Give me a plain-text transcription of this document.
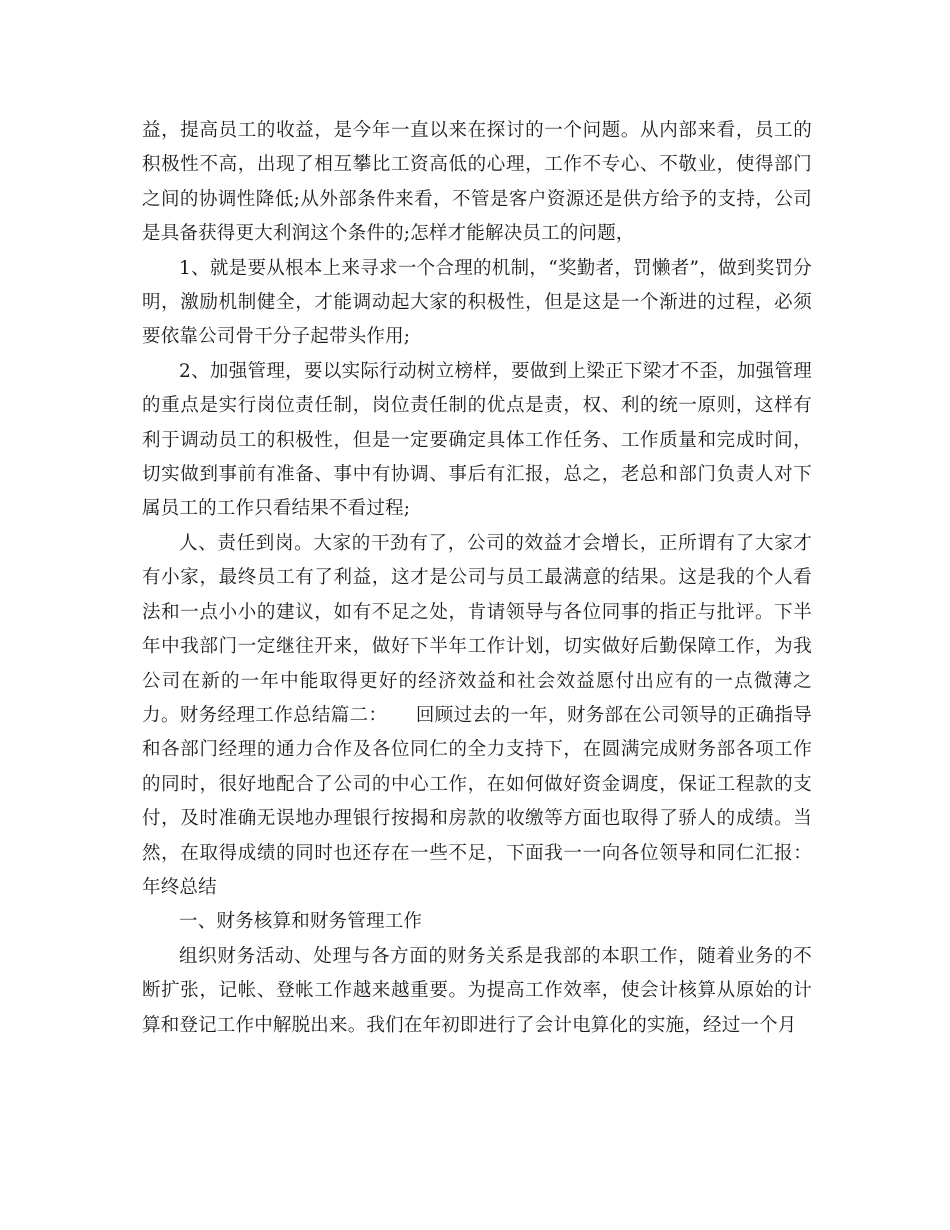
益，提高员工的收益，是今年一直以来在探讨的一个问题。从内部来看，员工的积极性不高，出现了相互攀比工资高低的心理，工作不专心、不敬业，使得部门之间的协调性降低;从外部条件来看，不管是客户资源还是供方给予的支持，公司是具备获得更大利润这个条件的;怎样才能解决员工的问题，

1、就是要从根本上来寻求一个合理的机制，“奖勤者，罚懒者”，做到奖罚分明，激励机制健全，才能调动起大家的积极性，但是这是一个渐进的过程，必须要依靠公司骨干分子起带头作用;

2、加强管理，要以实际行动树立榜样，要做到上梁正下梁才不歪，加强管理的重点是实行岗位责任制，岗位责任制的优点是责，权、利的统一原则，这样有利于调动员工的积极性，但是一定要确定具体工作任务、工作质量和完成时间，切实做到事前有准备、事中有协调、事后有汇报，总之，老总和部门负责人对下属员工的工作只看结果不看过程;

人、责任到岗。大家的干劲有了，公司的效益才会增长，正所谓有了大家才有小家，最终员工有了利益，这才是公司与员工最满意的结果。这是我的个人看法和一点小小的建议，如有不足之处，肯请领导与各位同事的指正与批评。下半年中我部门一定继往开来，做好下半年工作计划，切实做好后勤保障工作，为我公司在新的一年中能取得更好的经济效益和社会效益愿付出应有的一点微薄之力。财务经理工作总结篇二：　　回顾过去的一年，财务部在公司领导的正确指导和各部门经理的通力合作及各位同仁的全力支持下，在圆满完成财务部各项工作的同时，很好地配合了公司的中心工作，在如何做好资金调度，保证工程款的支付，及时准确无误地办理银行按揭和房款的收缴等方面也取得了骄人的成绩。当然，在取得成绩的同时也还存在一些不足，下面我一一向各位领导和同仁汇报：年终总结

一、财务核算和财务管理工作

组织财务活动、处理与各方面的财务关系是我部的本职工作，随着业务的不断扩张，记帐、登帐工作越来越重要。为提高工作效率，使会计核算从原始的计算和登记工作中解脱出来。我们在年初即进行了会计电算化的实施，经过一个月
